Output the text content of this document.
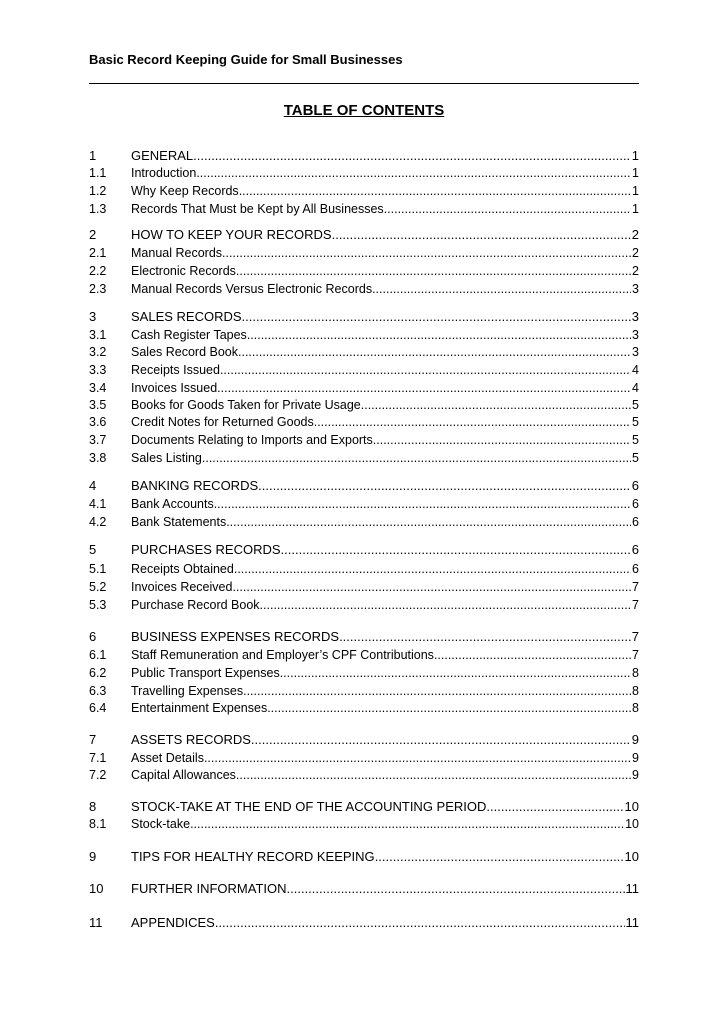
Basic Record Keeping Guide for Small Businesses
TABLE OF CONTENTS
1	GENERAL .....	1
1.1	Introduction .....	1
1.2	Why Keep Records .....	1
1.3	Records That Must be Kept by All Businesses .....	1
2	HOW TO KEEP YOUR RECORDS .....	2
2.1	Manual Records .....	2
2.2	Electronic Records .....	2
2.3	Manual Records Versus Electronic Records .....	3
3	SALES RECORDS .....	3
3.1	Cash Register Tapes .....	3
3.2	Sales Record Book .....	3
3.3	Receipts Issued .....	4
3.4	Invoices Issued .....	4
3.5	Books for Goods Taken for Private Usage .....	5
3.6	Credit Notes for Returned Goods .....	5
3.7	Documents Relating to Imports and Exports .....	5
3.8	Sales Listing .....	5
4	BANKING RECORDS .....	6
4.1	Bank Accounts .....	6
4.2	Bank Statements .....	6
5	PURCHASES RECORDS .....	6
5.1	Receipts Obtained .....	6
5.2	Invoices Received .....	7
5.3	Purchase Record Book .....	7
6	BUSINESS EXPENSES RECORDS .....	7
6.1	Staff Remuneration and Employer’s CPF Contributions .....	7
6.2	Public Transport Expenses .....	8
6.3	Travelling Expenses .....	8
6.4	Entertainment Expenses .....	8
7	ASSETS RECORDS .....	9
7.1	Asset Details .....	9
7.2	Capital Allowances .....	9
8	STOCK-TAKE AT THE END OF THE ACCOUNTING PERIOD .....	10
8.1	Stock-take .....	10
9	TIPS FOR HEALTHY RECORD KEEPING .....	10
10	FURTHER INFORMATION .....	11
11	APPENDICES .....	11
